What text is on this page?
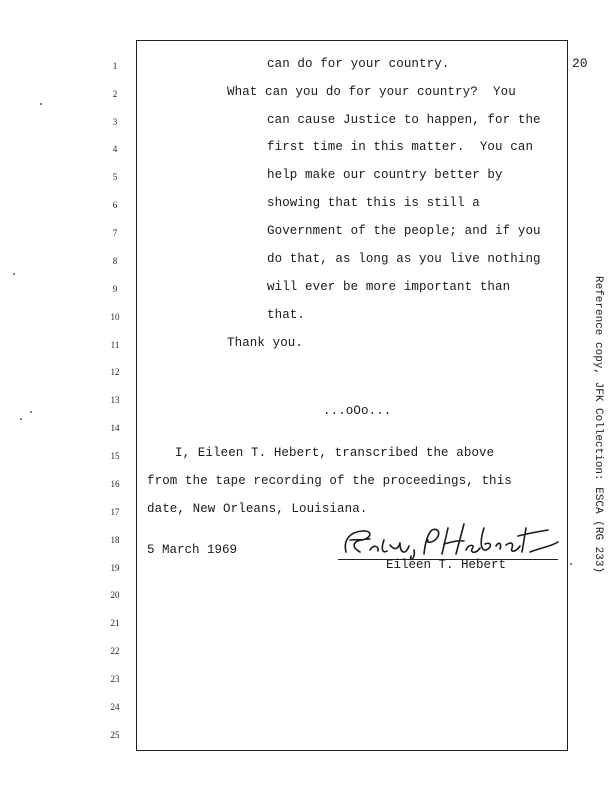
20
1
2
3
4
5
6
7
8
9
10
11
12
13
14
15
16
17
18
19
20
21
22
23
24
25
can do for your country.
What can you do for your country?  You
can cause Justice to happen, for the
first time in this matter.  You can
help make our country better by
showing that this is still a
Government of the people; and if you
do that, as long as you live nothing
will ever be more important than
that.
Thank you.
...oOo...
I, Eileen T. Hebert, transcribed the above
from the tape recording of the proceedings, this
date, New Orleans, Louisiana.
5 March 1969
Eileen T. Hebert	Reference copy, JFK Collection: ESCA (RG 233)
